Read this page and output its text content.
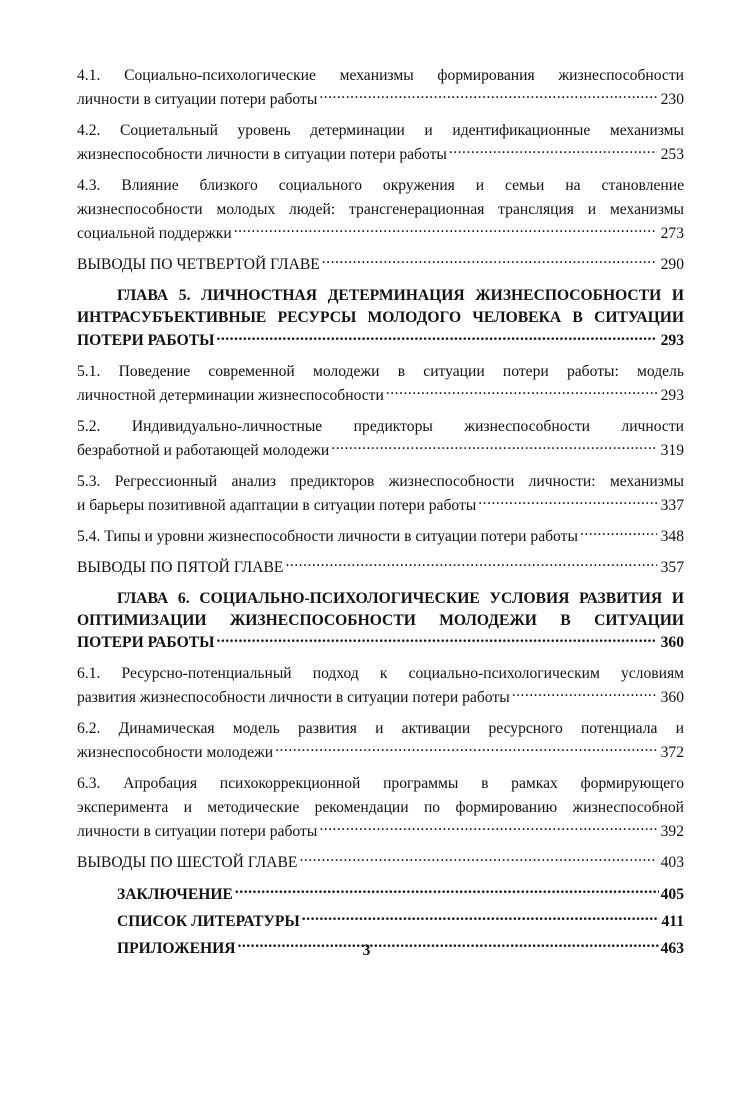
4.1. Социально-психологические механизмы формирования жизнеспособности
личности в ситуации потери работы .....	230
4.2. Социетальный уровень детерминации и идентификационные механизмы
жизнеспособности личности в ситуации потери работы .....	253
4.3. Влияние близкого социального окружения и семьи на становление
жизнеспособности молодых людей: трансгенерационная трансляция и механизмы
социальной поддержки .....	273
ВЫВОДЫ ПО ЧЕТВЕРТОЙ ГЛАВЕ .....	290
ГЛАВА 5. ЛИЧНОСТНАЯ ДЕТЕРМИНАЦИЯ ЖИЗНЕСПОСОБНОСТИ И
ИНТРАСУБЪЕКТИВНЫЕ РЕСУРСЫ МОЛОДОГО ЧЕЛОВЕКА В СИТУАЦИИ
ПОТЕРИ РАБОТЫ .....	293
5.1. Поведение современной молодежи в ситуации потери работы: модель
личностной детерминации жизнеспособности .....	293
5.2. Индивидуально-личностные предикторы жизнеспособности личности
безработной и работающей молодежи .....	319
5.3. Регрессионный анализ предикторов жизнеспособности личности: механизмы
и барьеры позитивной адаптации в ситуации потери работы .....	337
5.4. Типы и уровни жизнеспособности личности в ситуации потери работы .....	348
ВЫВОДЫ ПО ПЯТОЙ ГЛАВЕ .....	357
ГЛАВА 6. СОЦИАЛЬНО-ПСИХОЛОГИЧЕСКИЕ УСЛОВИЯ РАЗВИТИЯ И
ОПТИМИЗАЦИИ ЖИЗНЕСПОСОБНОСТИ МОЛОДЕЖИ В СИТУАЦИИ
ПОТЕРИ РАБОТЫ .....	360
6.1. Ресурсно-потенциальный подход к социально-психологическим условиям
развития жизнеспособности личности в ситуации потери работы .....	360
6.2. Динамическая модель развития и активации ресурсного потенциала и
жизнеспособности молодежи .....	372
6.3. Апробация психокоррекционной программы в рамках формирующего
эксперимента и методические рекомендации по формированию жизнеспособной
личности в ситуации потери работы .....	392
ВЫВОДЫ ПО ШЕСТОЙ ГЛАВЕ .....	403
ЗАКЛЮЧЕНИЕ .....	405
СПИСОК ЛИТЕРАТУРЫ .....	411
ПРИЛОЖЕНИЯ .....	463
3
